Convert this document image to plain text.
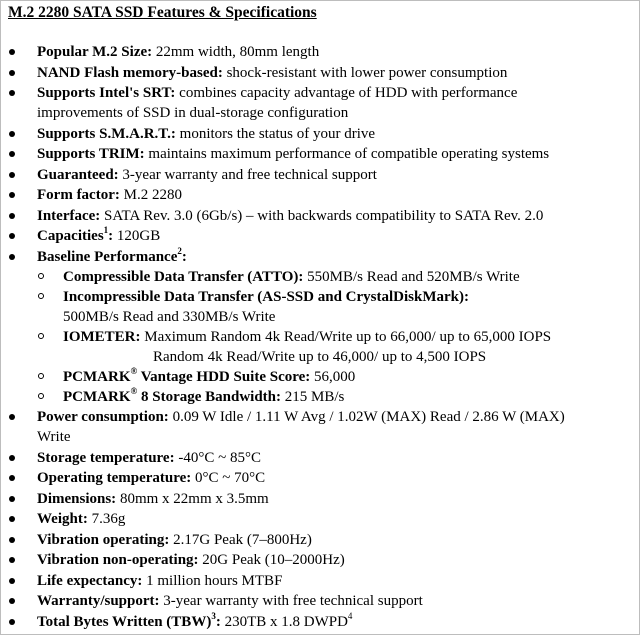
M.2 2280 SATA SSD Features & Specifications
Popular M.2 Size: 22mm width, 80mm length
NAND Flash memory-based: shock-resistant with lower power consumption
Supports Intel's SRT: combines capacity advantage of HDD with performance
improvements of SSD in dual-storage configuration
Supports S.M.A.R.T.: monitors the status of your drive
Supports TRIM: maintains maximum performance of compatible operating systems
Guaranteed: 3-year warranty and free technical support
Form factor: M.2 2280
Interface: SATA Rev. 3.0 (6Gb/s) – with backwards compatibility to SATA Rev. 2.0
Capacities$^1$: 120GB
Baseline Performance$^2$:
Compressible Data Transfer (ATTO): 550MB/s Read and 520MB/s Write
Incompressible Data Transfer (AS-SSD and CrystalDiskMark):
500MB/s Read and 330MB/s Write
IOMETER: Maximum Random 4k Read/Write up to 66,000/ up to 65,000 IOPS
Random 4k Read/Write up to 46,000/ up to 4,500 IOPS
PCMARK® Vantage HDD Suite Score: 56,000
PCMARK® 8 Storage Bandwidth: 215 MB/s
Power consumption: 0.09 W Idle / 1.11 W Avg / 1.02W (MAX) Read / 2.86 W (MAX)
Write
Storage temperature: -40°C ~ 85°C
Operating temperature: 0°C ~ 70°C
Dimensions: 80mm x 22mm x 3.5mm
Weight: 7.36g
Vibration operating: 2.17G Peak (7–800Hz)
Vibration non-operating: 20G Peak (10–2000Hz)
Life expectancy: 1 million hours MTBF
Warranty/support: 3-year warranty with free technical support
Total Bytes Written (TBW)$^3$: 230TB x 1.8 DWPD$^4$
